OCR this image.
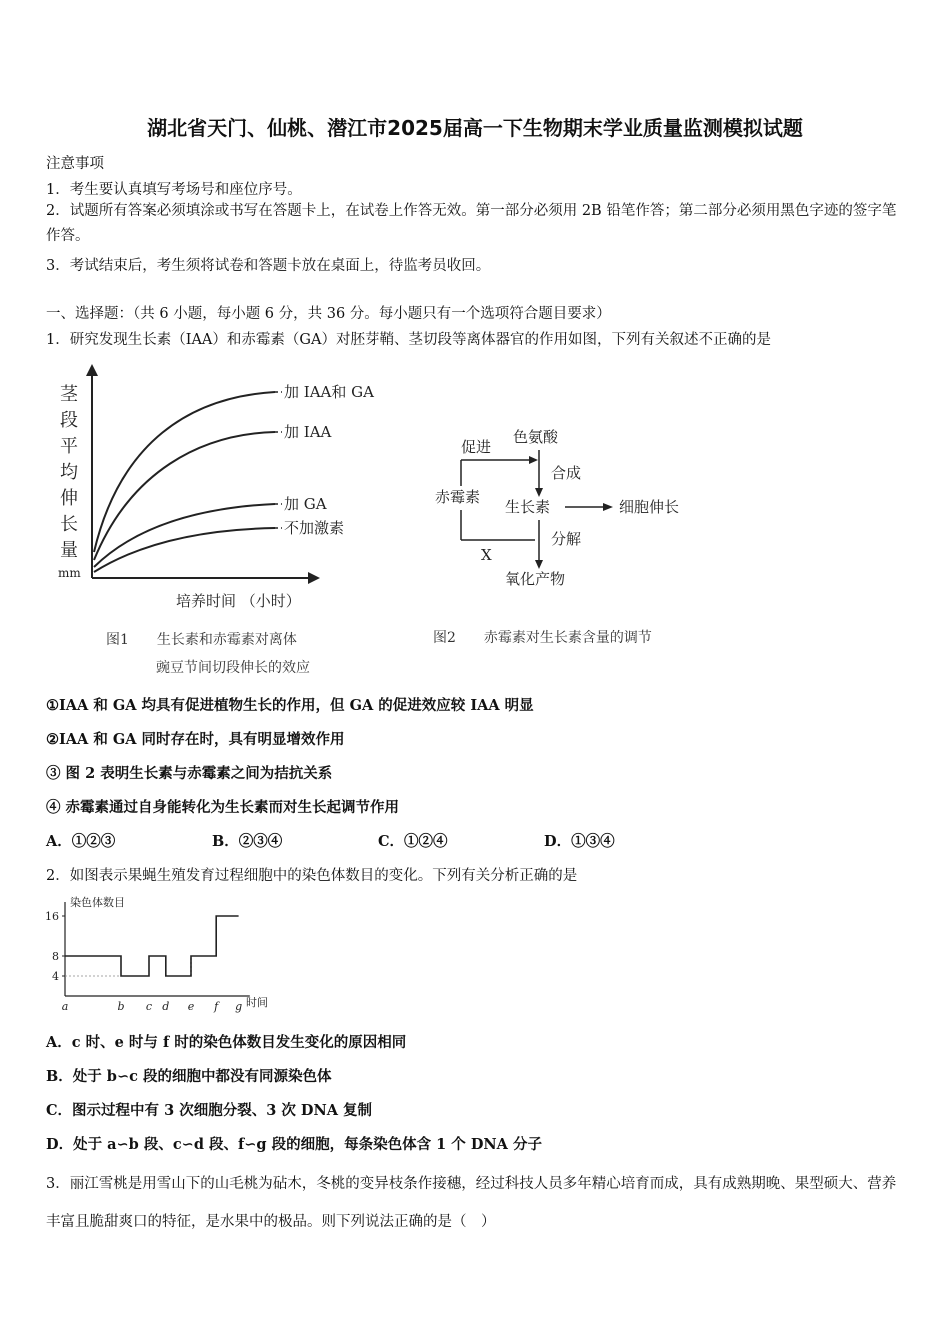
湖北省天门、仙桃、潜江市2025届高一下生物期末学业质量监测模拟试题
注意事项
1．考生要认真填写考场号和座位序号。
2．试题所有答案必须填涂或书写在答题卡上，在试卷上作答无效。第一部分必须用 2B 铅笔作答；第二部分必须用黑色字迹的签字笔作答。
3．考试结束后，考生须将试卷和答题卡放在桌面上，待监考员收回。
一、选择题：（共 6 小题，每小题 6 分，共 36 分。每小题只有一个选项符合题目要求）
1．研究发现生长素（IAA）和赤霉素（GA）对胚芽鞘、茎切段等离体器官的作用如图，下列有关叙述不正确的是
茎
段
平
均
伸
长
量
mm
加 IAA和 GA
加 IAA
加 GA
不加激素
培养时间 （小时）
图1　　生长素和赤霉素对离体
豌豆节间切段伸长的效应
促进
色氨酸
合成
赤霉素
生长素	细胞伸长
分解
X
氧化产物
图2　　赤霉素对生长素含量的调节
①IAA 和 GA 均具有促进植物生长的作用，但 GA 的促进效应较 IAA 明显
②IAA 和 GA 同时存在时，具有明显增效作用
③ 图 2 表明生长素与赤霉素之间为拮抗关系
④ 赤霉素通过自身能转化为生长素而对生长起调节作用
A．①②③	B．②③④	C．①②④	D．①③④
2．如图表示果蝇生殖发育过程细胞中的染色体数目的变化。下列有关分析正确的是
染色体数目
时间
4
8
16
a	b c d e f g
A．c 时、e 时与 f 时的染色体数目发生变化的原因相同
B．处于 b∽c 段的细胞中都没有同源染色体
C．图示过程中有 3 次细胞分裂、3 次 DNA 复制
D．处于 a∽b 段、c∽d 段、f∽g 段的细胞，每条染色体含 1 个 DNA 分子
3．丽江雪桃是用雪山下的山毛桃为砧木，冬桃的变异枝条作接穗，经过科技人员多年精心培育而成，具有成熟期晚、果型硕大、营养丰富且脆甜爽口的特征，是水果中的极品。则下列说法正确的是（　）
